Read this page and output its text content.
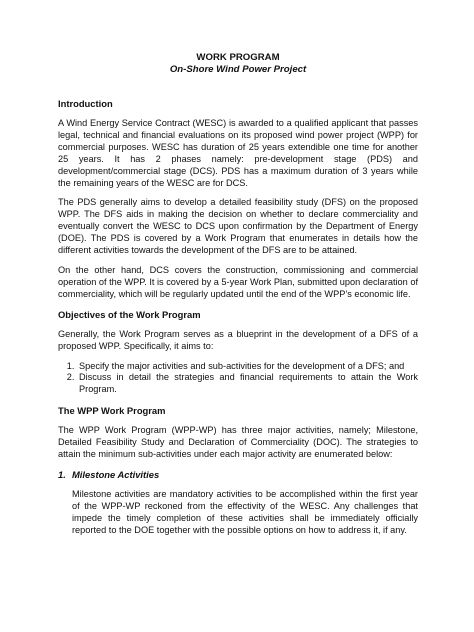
WORK PROGRAM
On-Shore Wind Power Project
Introduction

A Wind Energy Service Contract (WESC) is awarded to a qualified applicant that passes legal, technical and financial evaluations on its proposed wind power project (WPP) for commercial purposes. WESC has duration of 25 years extendible one time for another 25 years. It has 2 phases namely: pre-development stage (PDS) and development/commercial stage (DCS). PDS has a maximum duration of 3 years while the remaining years of the WESC are for DCS.

The PDS generally aims to develop a detailed feasibility study (DFS) on the proposed WPP. The DFS aids in making the decision on whether to declare commerciality and eventually convert the WESC to DCS upon confirmation by the Department of Energy (DOE). The PDS is covered by a Work Program that enumerates in details how the different activities towards the development of the DFS are to be attained.

On the other hand, DCS covers the construction, commissioning and commercial operation of the WPP. It is covered by a 5-year Work Plan, submitted upon declaration of commerciality, which will be regularly updated until the end of the WPP’s economic life.

Objectives of the Work Program

Generally, the Work Program serves as a blueprint in the development of a DFS of a proposed WPP. Specifically, it aims to:

1. Specify the major activities and sub-activities for the development of a DFS; and
2. Discuss in detail the strategies and financial requirements to attain the Work Program.
The WPP Work Program

The WPP Work Program (WPP-WP) has three major activities, namely; Milestone, Detailed Feasibility Study and Declaration of Commerciality (DOC). The strategies to attain the minimum sub-activities under each major activity are enumerated below:

1. Milestone Activities

Milestone activities are mandatory activities to be accomplished within the first year of the WPP-WP reckoned from the effectivity of the WESC. Any challenges that impede the timely completion of these activities shall be immediately officially reported to the DOE together with the possible options on how to address it, if any.
